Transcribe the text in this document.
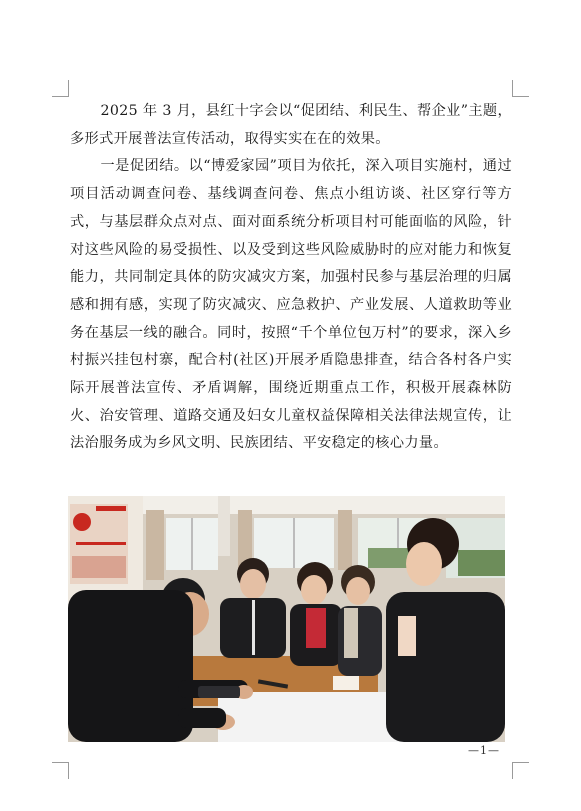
2025 年 3 月，县红十字会以“促团结、利民生、帮企业”主题，多形式开展普法宣传活动，取得实实在在的效果。

一是促团结。以“博爱家园”项目为依托，深入项目实施村，通过项目活动调查问卷、基线调查问卷、焦点小组访谈、社区穿行等方式，与基层群众点对点、面对面系统分析项目村可能面临的风险，针对这些风险的易受损性、以及受到这些风险威胁时的应对能力和恢复能力，共同制定具体的防灾减灾方案，加强村民参与基层治理的归属感和拥有感，实现了防灾减灾、应急救护、产业发展、人道救助等业务在基层一线的融合。同时，按照“千个单位包万村”的要求，深入乡村振兴挂包村寨，配合村(社区)开展矛盾隐患排查，结合各村各户实际开展普法宣传、矛盾调解，围绕近期重点工作，积极开展森林防火、治安管理、道路交通及妇女儿童权益保障相关法律法规宣传，让法治服务成为乡风文明、民族团结、平安稳定的核心力量。

—1—
